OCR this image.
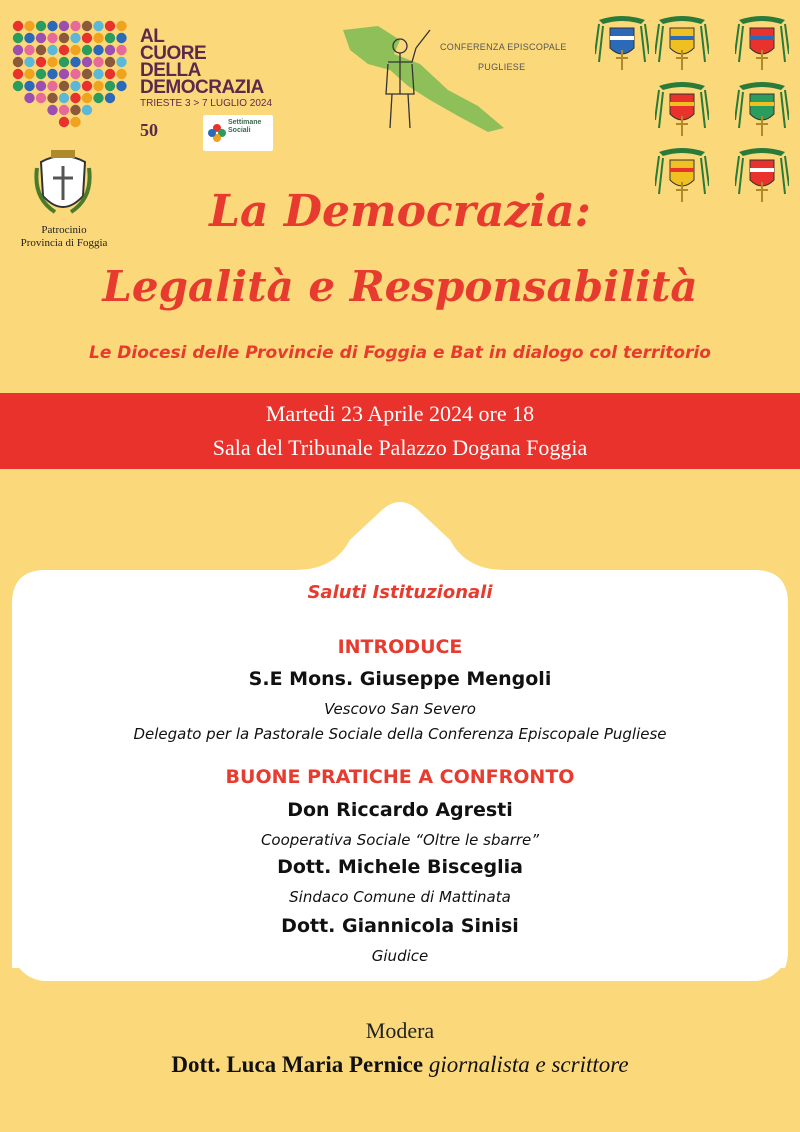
AL
CUORE
DELLA
DEMOCRAZIA
TRIESTE 3 > 7 LUGLIO 2024
50	Settimane Sociali
Patrocinio
Provincia di Foggia
CONFERENZA EPISCOPALE
PUGLIESE
La Democrazia:
Legalità e Responsabilità
Le Diocesi delle Provincie di Foggia e Bat in dialogo col territorio
Martedi 23 Aprile 2024 ore 18
Sala del Tribunale Palazzo Dogana Foggia
Saluti Istituzionali
INTRODUCE
S.E Mons. Giuseppe Mengoli
Vescovo San Severo
Delegato per la Pastorale Sociale della Conferenza Episcopale Pugliese
BUONE PRATICHE A CONFRONTO
Don Riccardo Agresti
Cooperativa Sociale “Oltre le sbarre”
Dott. Michele Bisceglia
Sindaco Comune di Mattinata
Dott. Giannicola Sinisi
Giudice
Modera
Dott. Luca Maria Pernice giornalista e scrittore
